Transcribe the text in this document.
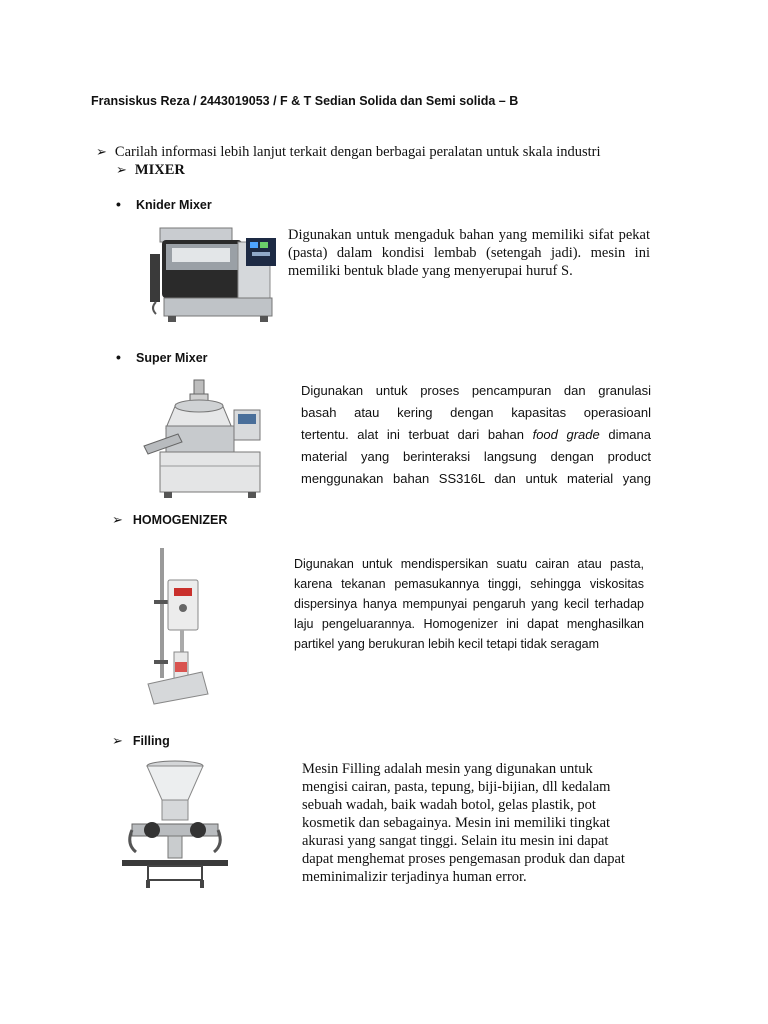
Fransiskus Reza / 2443019053 / F & T Sedian Solida dan Semi solida – B
➢ Carilah informasi lebih lanjut terkait dengan berbagai peralatan untuk skala industri
➢ MIXER
• Knider Mixer
Digunakan untuk mengaduk bahan yang memiliki sifat pekat (pasta) dalam kondisi lembab (setengah jadi). mesin ini memiliki bentuk blade yang menyerupai huruf S.
• Super Mixer
Digunakan untuk proses pencampuran dan granulasi
basah atau kering dengan kapasitas operasioanl
tertentu. alat ini terbuat dari bahan food grade dimana
material yang berinteraksi langsung dengan product
menggunakan bahan SS316L dan untuk material yang
➢ HOMOGENIZER
Digunakan untuk mendispersikan suatu cairan atau pasta,
karena tekanan pemasukannya tinggi, sehingga viskositas
dispersinya hanya mempunyai pengaruh yang kecil terhadap
laju pengeluarannya. Homogenizer ini dapat menghasilkan
partikel yang berukuran lebih kecil tetapi tidak seragam
➢ Filling
Mesin Filling adalah mesin yang digunakan untuk
mengisi cairan, pasta, tepung, biji-bijian, dll kedalam
sebuah wadah, baik wadah botol, gelas plastik, pot
kosmetik dan sebagainya. Mesin ini memiliki tingkat
akurasi yang sangat tinggi. Selain itu mesin ini dapat
dapat menghemat proses pengemasan produk dan dapat
meminimalizir terjadinya human error.
